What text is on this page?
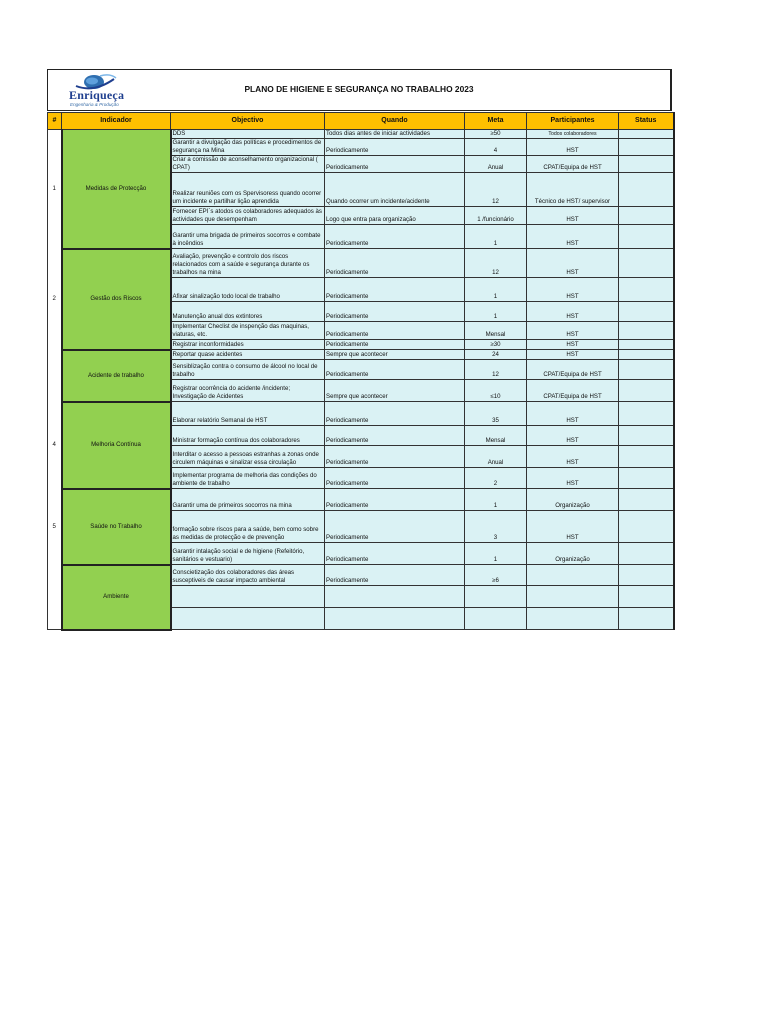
Enriqueça
Engenharia & Produção
PLANO DE HIGIENE E SEGURANÇA NO TRABALHO 2023
#	Indicador	Objectivo	Quando	Meta	Participantes	Status
1	Medidas de Protecção	DDS	Todos dias antes de iniciar actividades	≥50	Todos colaboradores	
		Garantir a divulgação das políticas e procedimentos de segurança na Mina	Periodicamente	4	HST	
		Criar a comissão de aconselhamento organizacional ( CPAT)	Periodicamente	Anual	CPAT/Equipa de HST	
		Realizar reuniões com os Spervisoress quando ocorrer um incidente e partilhar lição aprendida	Quando ocorrer um incidente/acidente	12	Técnico de HST/ supervisor	
		Fornecer EPI`s atodos os colaboradores adequados às actividades que desempenham	Logo que entra para organização	1 /funcionário	HST	
		Garantir uma brigada de primeiros socorros e combate à incêndios	Periodicamente	1	HST	
2	Gestão dos Riscos	Avaliação, prevenção e controlo dos riscos relacionados com a saúde e segurança durante os trabalhos na mina	Periodicamente	12	HST	
		Afixar sinalização todo local de trabalho	Periodicamente	1	HST	
		Manutenção anual dos extintores	Periodicamente	1	HST	
		Implementar Checlist de inspenção das maquinas, viaturas, etc.	Periodicamente	Mensal	HST	
		Registrar inconformidades	Periodicamente	≥30	HST	
	Acidente de trabalho	Reportar quase acidentes	Sempre que acontecer	24	HST	
		Sensiblização contra o consumo de álcool no local de trabalho	Periodicamente	12	CPAT/Equipa de HST	
		Registrar ocorrência do acidente /incidente; Investigação de Acidentes	Sempre que acontecer	≤10	CPAT/Equipa de HST	
4	Melhoria Contínua	Elaborar relatório Semanal de HST	Periodicamente	35	HST	
		Ministrar formação contínua dos colaboradores	Periodicamente	Mensal	HST	
		Interditar o acesso a pessoas estranhas a zonas onde circulem máquinas e sinalizar essa circulação	Periodicamente	Anual	HST	
		Implementar programa de melhoria das condições do ambiente de trabalho	Periodicamente	2	HST	
5	Saúde no Trabalho	Garantir uma de primeiros socorros na mina	Periodicamente	1	Organização	
		formação sobre riscos para a saúde, bem como sobre as medidas de protecção e de prevenção	Periodicamente	3	HST	
		Garantir intalação social e de higiene (Refeitório, sanitários e vestuario)	Periodicamente	1	Organização	
	Ambiente	Conscietização dos colaboradores das áreas susceptiveis de causar impacto ambiental	Periodicamente	≥6		
